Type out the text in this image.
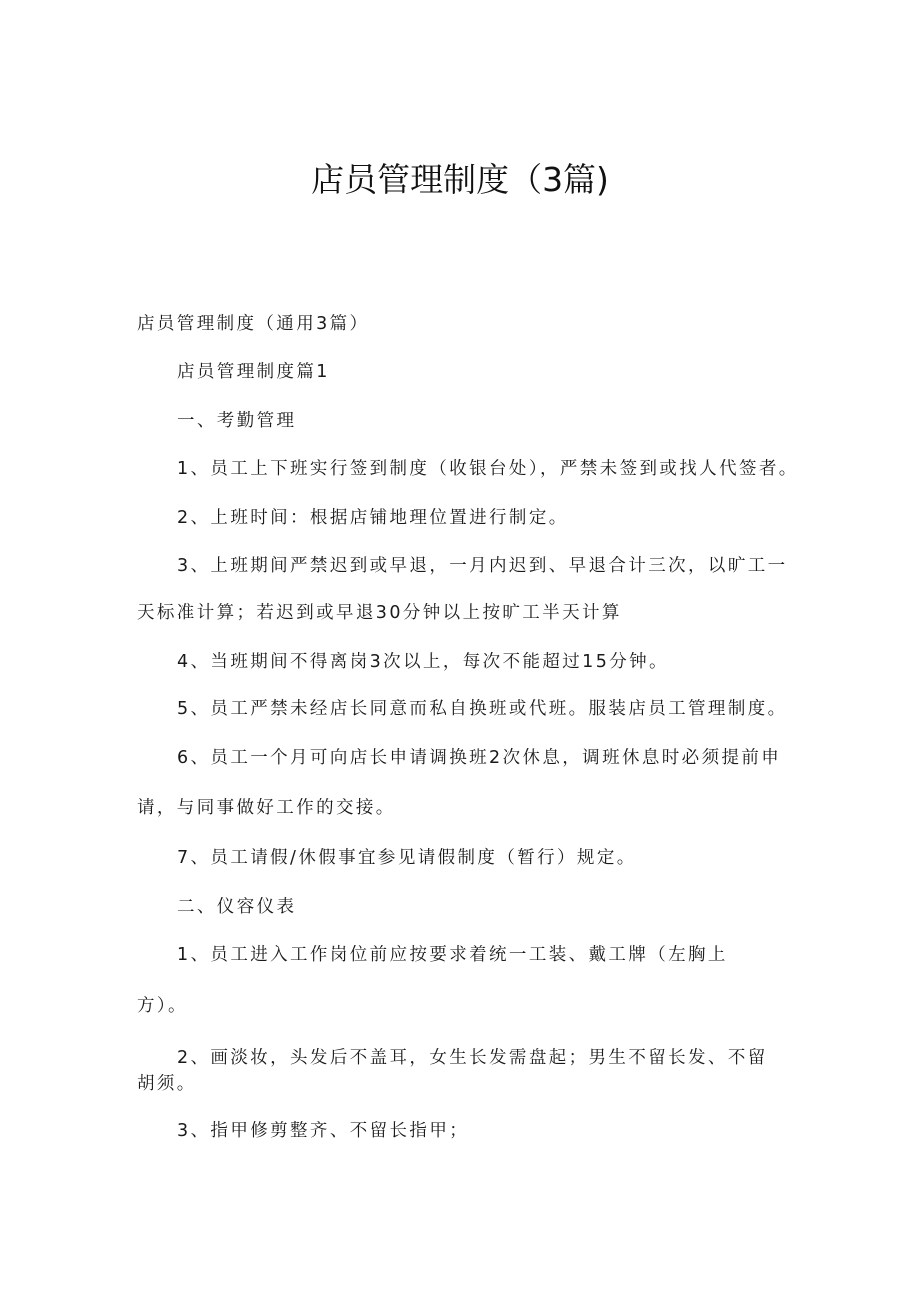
店员管理制度（3篇)
店员管理制度（通用3篇）
店员管理制度篇1
一、考勤管理
1、员工上下班实行签到制度（收银台处），严禁未签到或找人代签者。
2、上班时间：根据店铺地理位置进行制定。
3、上班期间严禁迟到或早退，一月内迟到、早退合计三次，以旷工一
天标准计算；若迟到或早退30分钟以上按旷工半天计算
4、当班期间不得离岗3次以上，每次不能超过15分钟。
5、员工严禁未经店长同意而私自换班或代班。服装店员工管理制度。
6、员工一个月可向店长申请调换班2次休息，调班休息时必须提前申
请，与同事做好工作的交接。
7、员工请假/休假事宜参见请假制度（暂行）规定。
二、仪容仪表
1、员工进入工作岗位前应按要求着统一工装、戴工牌（左胸上
方）。
2、画淡妆，头发后不盖耳，女生长发需盘起；男生不留长发、不留
胡须。
3、指甲修剪整齐、不留长指甲；
